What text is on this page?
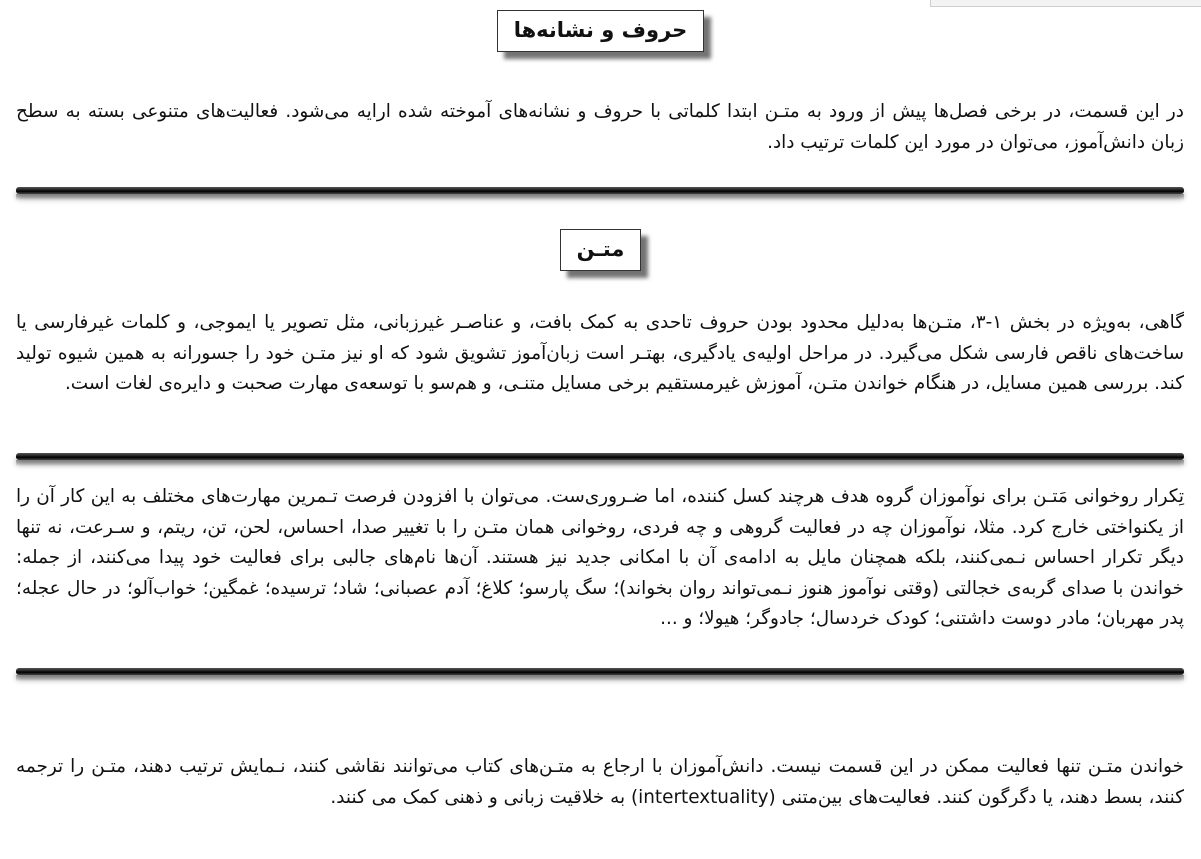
حروف و نشانه‌ها

در این قسمت، در برخی فصل‌ها پیش از ورود به متـن ابتدا کلماتی با حروف و نشانه‌های آموخته شده ارایه می‌شود. فعالیت‌های متنوعی بسته به سطح زبان دانش‌آموز، می‌توان در مورد این کلمات ترتیب داد.

متـن

گاهی، به‌ویژه در بخش ۱-۳، متـن‌ها به‌دلیل محدود بودن حروف تاحدی به کمک بافت، و عناصـر غیرزبانی، مثل تصویر یا ایموجی، و کلمات غیرفارسی یا ساخت‌های ناقص فارسی شکل می‌گیرد. در مراحل اولیه‌ی یادگیری، بهتـر است زبان‌آموز تشویق شود که او نیز متـن خود را جسورانه به همین شیوه تولید کند. بررسی همین مسایل، در هنگام خواندن متـن، آموزش غیرمستقیم برخی مسایل متنـی، و هم‌سو با توسعه‌ی مهارت صحبت و دایره‌ی لغات است.

تِکرار روخوانی مَتـن برای نوآموزان گروه هدف هرچند کسل کننده، اما ضـروری‌ست. می‌توان با افزودن فرصت تـمرین مهارت‌های مختلف به این کار آن را از یکنواختی خارج کرد. مثلا، نوآموزان چه در فعالیت گروهی و چه فردی، روخوانی همان متـن را با تغییر صدا، احساس، لحن، تن، ریتم، و سـرعت، نه تنها دیگر تکرار احساس نـمی‌کنند، بلکه همچنان مایل به ادامه‌ی آن با امکانی جدید نیز هستند. آن‌ها نام‌های جالبی برای فعالیت خود پیدا می‌کنند، از جمله: خواندن با صدای گربه‌ی خجالتی (وقتی نوآموز هنوز نـمی‌تواند روان بخواند)؛ سگ پارسو؛ کلاغ؛ آدم عصبانی؛ شاد؛ ترسیده؛ غمگین؛ خواب‌آلو؛ در حال عجله؛ پدر مهربان؛ مادر دوست داشتنی؛ کودک خردسال؛ جادوگر؛ هیولا؛ و ...

خواندن متـن تنها فعالیت ممکن در این قسمت نیست. دانش‌آموزان با ارجاع به متـن‌های کتاب می‌توانند نقاشی کنند، نـمایش ترتیب دهند، متـن را ترجمه کنند، بسط دهند، یا دگرگون کنند. فعالیت‌های بین‌متنی (intertextuality) به خلاقیت زبانی و ذهنی کمک می کنند.
